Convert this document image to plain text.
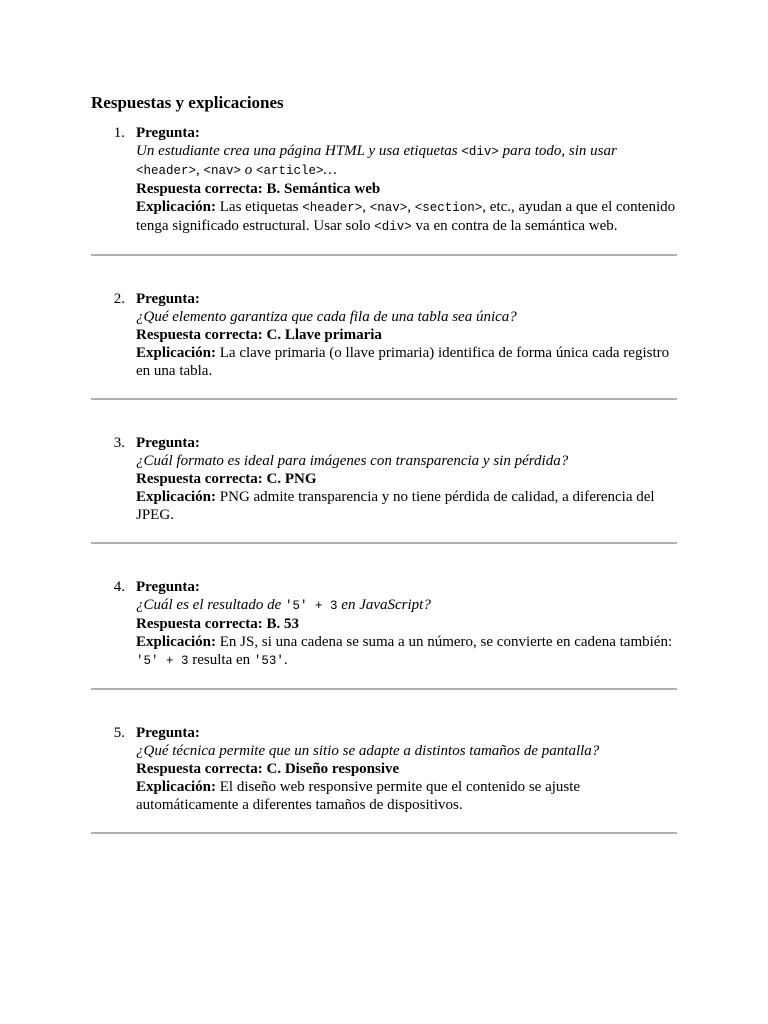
Respuestas y explicaciones
1. Pregunta:
Un estudiante crea una página HTML y usa etiquetas <div> para todo, sin usar <header>, <nav> o <article>…
Respuesta correcta: B. Semántica web
Explicación: Las etiquetas <header>, <nav>, <section>, etc., ayudan a que el contenido tenga significado estructural. Usar solo <div> va en contra de la semántica web.
2. Pregunta:
¿Qué elemento garantiza que cada fila de una tabla sea única?
Respuesta correcta: C. Llave primaria
Explicación: La clave primaria (o llave primaria) identifica de forma única cada registro en una tabla.
3. Pregunta:
¿Cuál formato es ideal para imágenes con transparencia y sin pérdida?
Respuesta correcta: C. PNG
Explicación: PNG admite transparencia y no tiene pérdida de calidad, a diferencia del JPEG.
4. Pregunta:
¿Cuál es el resultado de '5' + 3 en JavaScript?
Respuesta correcta: B. 53
Explicación: En JS, si una cadena se suma a un número, se convierte en cadena también: '5' + 3 resulta en '53'.
5. Pregunta:
¿Qué técnica permite que un sitio se adapte a distintos tamaños de pantalla?
Respuesta correcta: C. Diseño responsive
Explicación: El diseño web responsive permite que el contenido se ajuste automáticamente a diferentes tamaños de dispositivos.
